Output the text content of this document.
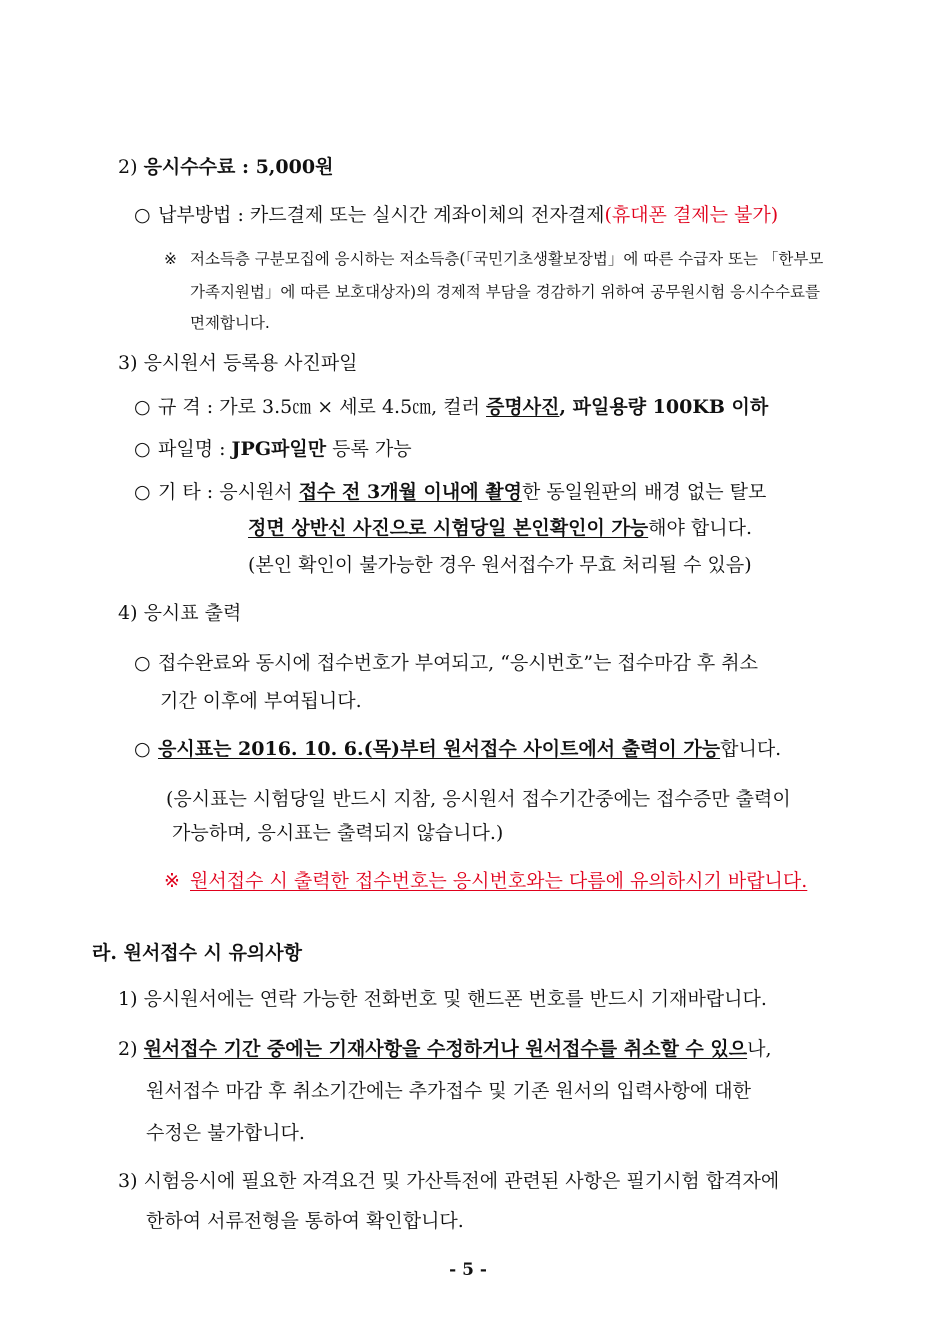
2) 응시수수료 : 5,000원
○ 납부방법 : 카드결제 또는 실시간 계좌이체의 전자결제(휴대폰 결제는 불가)
※ 저소득층 구분모집에 응시하는 저소득층(「국민기초생활보장법」에 따른 수급자 또는 「한부모
가족지원법」에 따른 보호대상자)의 경제적 부담을 경감하기 위하여 공무원시험 응시수수료를
면제합니다.
3) 응시원서 등록용 사진파일
○ 규 격 : 가로 3.5㎝ × 세로 4.5㎝, 컬러 증명사진, 파일용량 100KB 이하
○ 파일명 : JPG파일만 등록 가능
○ 기 타 : 응시원서 접수 전 3개월 이내에 촬영한 동일원판의 배경 없는 탈모
정면 상반신 사진으로 시험당일 본인확인이 가능해야 합니다.
(본인 확인이 불가능한 경우 원서접수가 무효 처리될 수 있음)
4) 응시표 출력
○ 접수완료와 동시에 접수번호가 부여되고, “응시번호”는 접수마감 후 취소
기간 이후에 부여됩니다.
○ 응시표는 2016. 10. 6.(목)부터 원서접수 사이트에서 출력이 가능합니다.
(응시표는 시험당일 반드시 지참, 응시원서 접수기간중에는 접수증만 출력이
가능하며, 응시표는 출력되지 않습니다.)
※ 원서접수 시 출력한 접수번호는 응시번호와는 다름에 유의하시기 바랍니다.
라. 원서접수 시 유의사항
1) 응시원서에는 연락 가능한 전화번호 및 핸드폰 번호를 반드시 기재바랍니다.
2) 원서접수 기간 중에는 기재사항을 수정하거나 원서접수를 취소할 수 있으나,
원서접수 마감 후 취소기간에는 추가접수 및 기존 원서의 입력사항에 대한
수정은 불가합니다.
3) 시험응시에 필요한 자격요건 및 가산특전에 관련된 사항은 필기시험 합격자에
한하여 서류전형을 통하여 확인합니다.
- 5 -
